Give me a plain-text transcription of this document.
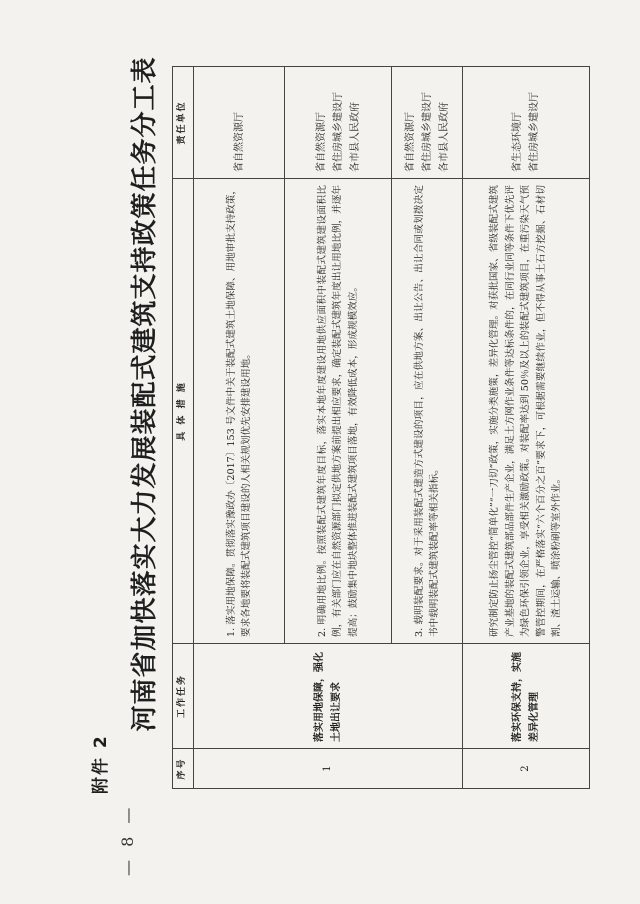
— 8 —
附件 2
河南省加快落实大力发展装配式建筑支持政策任务分工表
序号	工作任务	具 体 措 施	责任单位
1	落实用地保障，强化土地出让要求	1. 落实用地保障。贯彻落实豫政办〔2017〕153 号文件中关于装配式建筑土地保障、用地审批支持政策，要求各地要将装配式建筑项目建设的人相关规划优先安排建设用地。	省自然资源厅

		2. 明确用地比例。按照装配式建筑年度目标，落实本地年度建设用地供应面积中装配式建筑建设面积比例，有关部门应在自然资源部门拟定供地方案前提出相应要求，确定装配式建筑年度出让用地比例，并逐年提高；鼓励集中地块整体推进装配式建筑项目落地，有效降低成本，形成规模效应。	省自然资源厅 省住房城乡建设厅 各市县人民政府

		3. 载明装配要求。对于采用装配式建造方式建设的项目，应在供地方案、出让公告、出让合同或划拨决定书中载明装配式建筑装配率等相关指标。	省自然资源厅 省住房城乡建设厅 各市县人民政府

2	落实环保支持，实施差异化管理	研究制定防止扬尘管控“简单化”“一刀切”政策，实施分类施策，差异化管理。对获批国家、省级装配式建筑产业基地的装配式建筑部品部件生产企业，满足土方网作业条件等达标条件的，在同行业同等条件下优先评为绿色环保引领企业，享受相关激励政策。对装配率达到 50％及以上的装配式建筑项目，在重污染天气预警管控期间，在严格落实“六个百分之百”要求下，可根据需要继续作业，但不得从事土石方挖掘、石材切割、渣土运输、喷涂粉刷等室外作业。	省生态环境厅 省住房城乡建设厅
